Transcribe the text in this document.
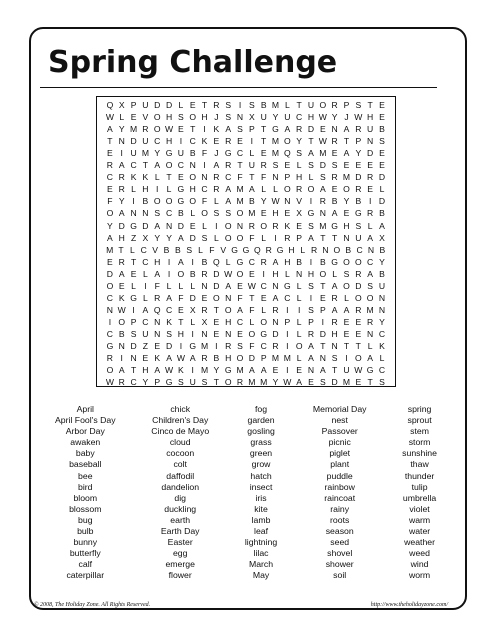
Spring Challenge
Q X P U D D L E T R S I S B M L T U O R P S T E
W L E V O H S O H J S N X U Y U C H W Y J W H E
A Y M R O W E T I K A S P T G A R D E N A R U B
T N D U C H I C K E R E I T M O Y T W R T P N S
E I U M Y G U B F J G C L E M Q S A M E A Y D E
R A C T A O C N I A R T U R S E L S D S E E E E
C R K K L T E O N R C F T F N P H L S R M D R D
E R L H I L G H C R A M A L L O R O A E O R E L
F Y I B O O G O F L A M B Y W N V I R B Y B I D
O A N N S C B L O S S O M E H E X G N A E G R B
Y D G D A N D E L I O N R O R K E S M G H S L A
A H Z X Y Y A D S L O O F L I R P A T T N U A X
M T L C V B B S L F V G G Q R G H L R N O B C N B
E R T C H I A I B Q L G C R A H B I B G O O C Y
D A E L A I O B R D W O E I H L N H O L S R A B
O E L I F L L L N D A E W C N G L S T A O D S U
C K G L R A F D E O N F T E A C L I E R L O O N
N W I A Q C E X R T O A F L R I	I S P A A R M N
I O P C N K T L X E H C L O N P L P I R E E R Y
C B S U N S H I N E N E O G D I L R D H E E N C
G N D Z E D I G M I R S F C R I O A T N T T L K
R I N E K A W A R B H O D P M M L A N S I O A L
O A T H A W K I M Y G M A A E I E N A T U W G C
W R C Y P G S U S T O R M M Y W A E S D M E T S
April
April Fool's Day
Arbor Day
awaken
baby
baseball
bee
bird
bloom
blossom
bug
bulb
bunny
butterfly
calf
caterpillar
chick
Children's Day
Cinco de Mayo
cloud
cocoon
colt
daffodil
dandelion
dig
duckling
earth
Earth Day
Easter
egg
emerge
flower
fog
garden
gosling
grass
green
grow
hatch
insect
iris
kite
lamb
leaf
lightning
lilac
March
May
Memorial Day
nest
Passover
picnic
piglet
plant
puddle
rainbow
raincoat
rainy
roots
season
seed
shovel
shower
soil
spring
sprout
stem
storm
sunshine
thaw
thunder
tulip
umbrella
violet
warm
water
weather
weed
wind
worm
© 2008, The Holiday Zone. All Rights Reserved.	http://www.theholidayzone.com/
